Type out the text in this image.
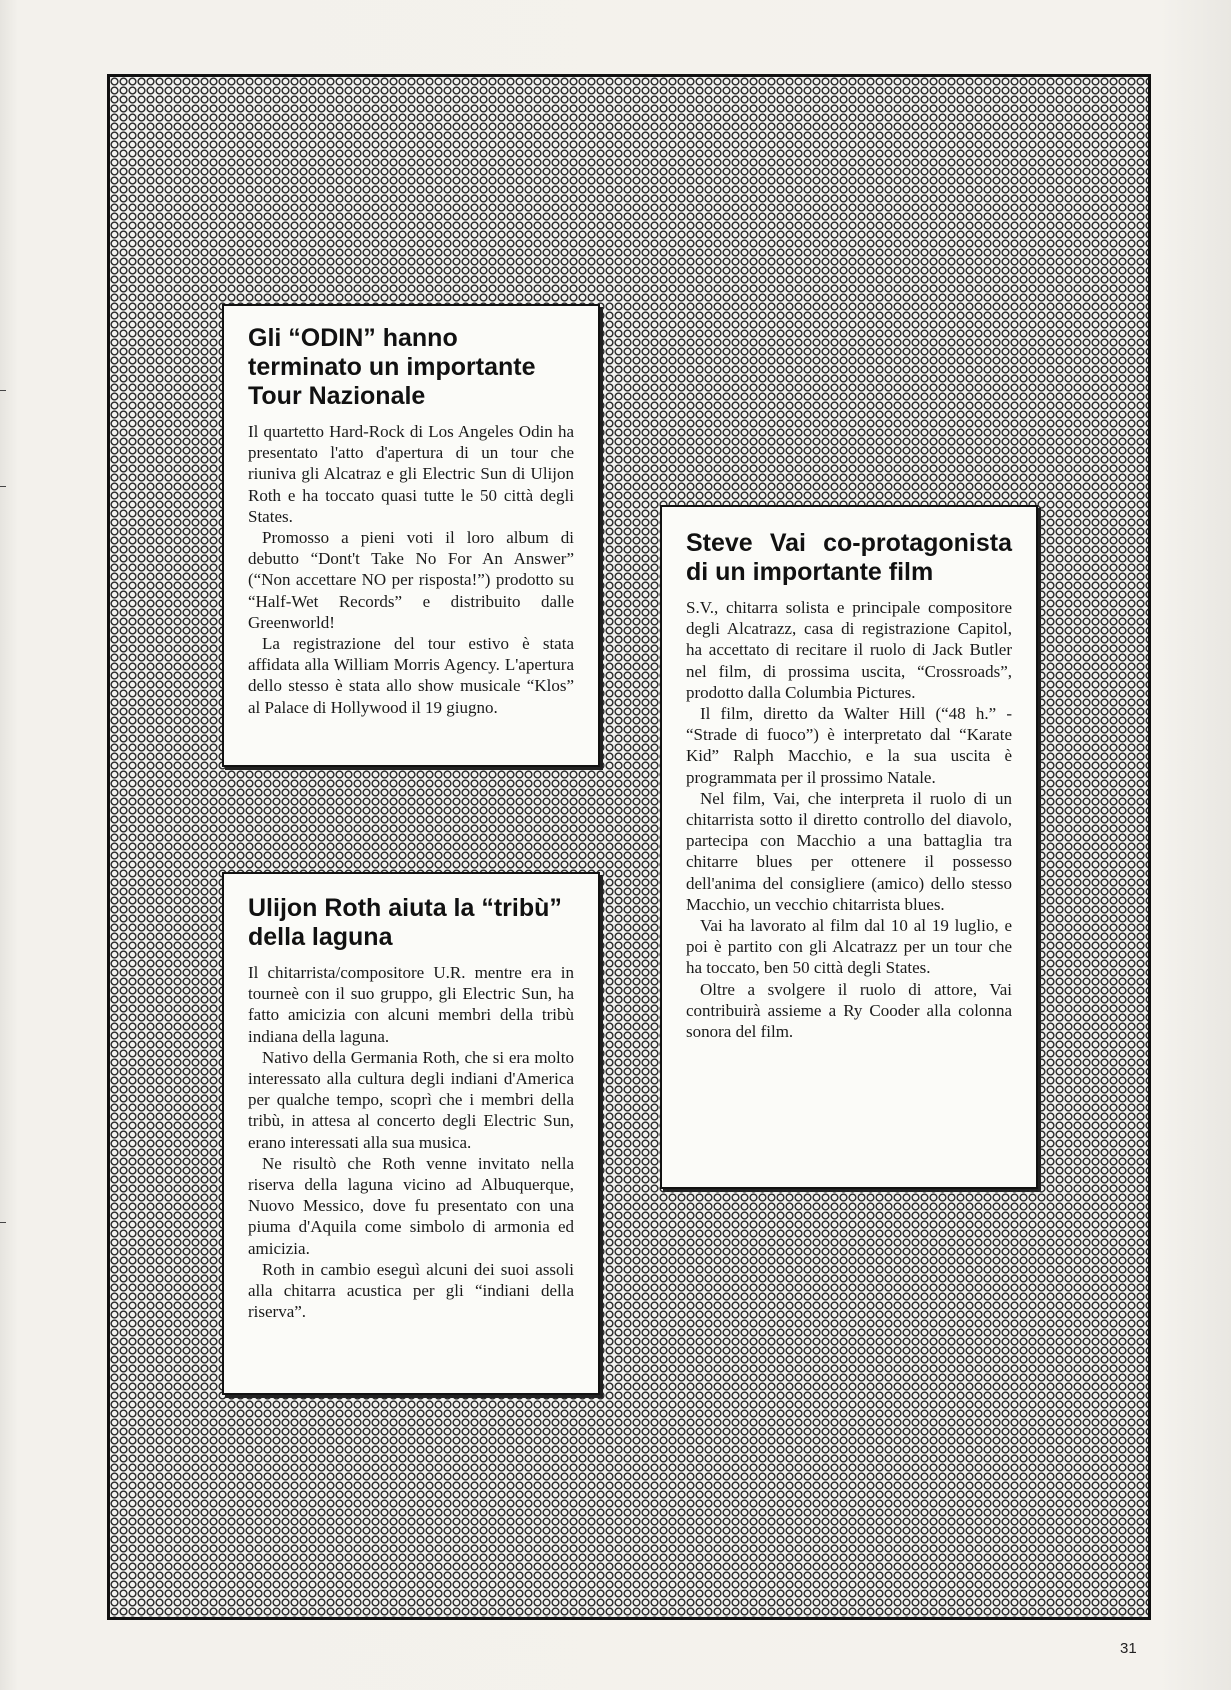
Gli “ODIN” hanno terminato un importante Tour Nazionale

Il quartetto Hard-Rock di Los Angeles Odin ha presentato l'atto d'apertura di un tour che riuniva gli Alcatraz e gli Electric Sun di Ulijon Roth e ha toccato quasi tutte le 50 città degli States.

Promosso a pieni voti il loro album di debutto “Dont't Take No For An Answer” (“Non accettare NO per risposta!”) prodotto su “Half-Wet Records” e distribuito dalle Greenworld!

La registrazione del tour estivo è stata affidata alla William Morris Agency. L'apertura dello stesso è stata allo show musicale “Klos” al Palace di Hollywood il 19 giugno.

Ulijon Roth aiuta la “tribù” della laguna

Il chitarrista/compositore U.R. mentre era in tourneè con il suo gruppo, gli Electric Sun, ha fatto amicizia con alcuni membri della tribù indiana della laguna.

Nativo della Germania Roth, che si era molto interessato alla cultura degli indiani d'America per qualche tempo, scoprì che i membri della tribù, in attesa al concerto degli Electric Sun, erano interessati alla sua musica.

Ne risultò che Roth venne invitato nella riserva della laguna vicino ad Albuquerque, Nuovo Messico, dove fu presentato con una piuma d'Aquila come simbolo di armonia ed amicizia.

Roth in cambio eseguì alcuni dei suoi assoli alla chitarra acustica per gli “indiani della riserva”.

Steve Vai co-protagonista di un importante film

S.V., chitarra solista e principale compositore degli Alcatrazz, casa di registrazione Capitol, ha accettato di recitare il ruolo di Jack Butler nel film, di prossima uscita, “Crossroads”, prodotto dalla Columbia Pictures.

Il film, diretto da Walter Hill (“48 h.” - “Strade di fuoco”) è interpretato dal “Karate Kid” Ralph Macchio, e la sua uscita è programmata per il prossimo Natale.

Nel film, Vai, che interpreta il ruolo di un chitarrista sotto il diretto controllo del diavolo, partecipa con Macchio a una battaglia tra chitarre blues per ottenere il possesso dell'anima del consigliere (amico) dello stesso Macchio, un vecchio chitarrista blues.

Vai ha lavorato al film dal 10 al 19 luglio, e poi è partito con gli Alcatrazz per un tour che ha toccato, ben 50 città degli States.

Oltre a svolgere il ruolo di attore, Vai contribuirà assieme a Ry Cooder alla colonna sonora del film.

31
